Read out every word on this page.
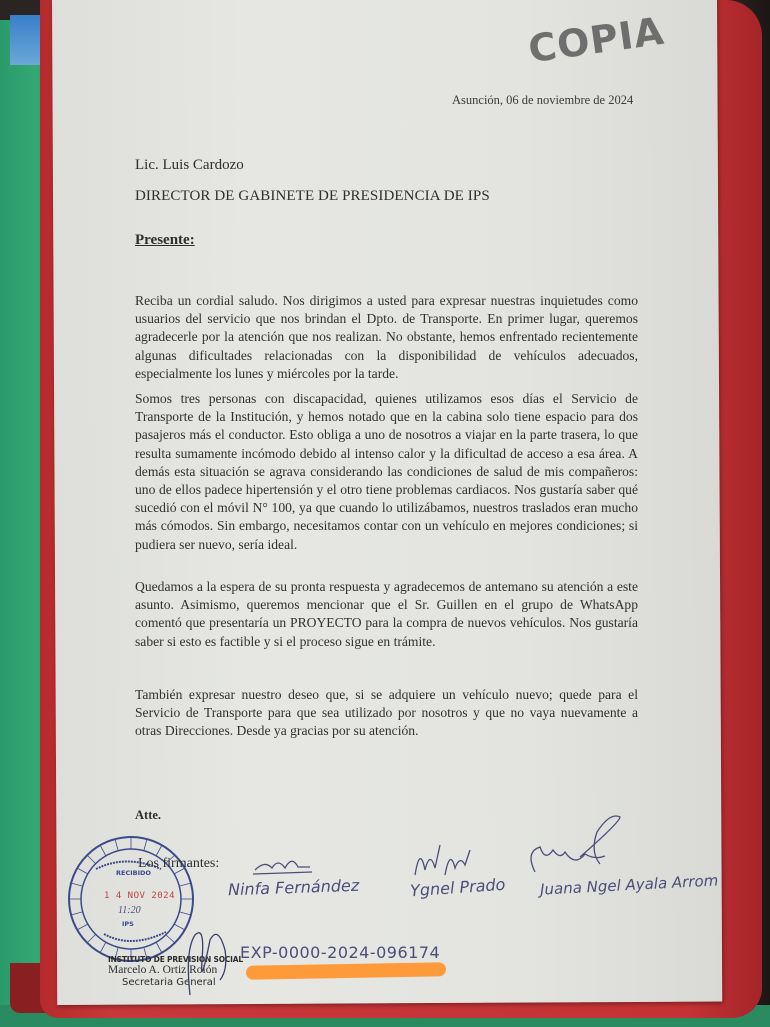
COPIA
Asunción, 06 de noviembre de 2024
Lic. Luis Cardozo
DIRECTOR DE GABINETE DE PRESIDENCIA DE IPS
Presente:
Reciba un cordial saludo. Nos dirigimos a usted para expresar nuestras inquietudes como usuarios del servicio que nos brindan el Dpto. de Transporte. En primer lugar, queremos agradecerle por la atención que nos realizan. No obstante, hemos enfrentado recientemente algunas dificultades relacionadas con la disponibilidad de vehículos adecuados, especialmente los lunes y miércoles por la tarde.
Somos tres personas con discapacidad, quienes utilizamos esos días el Servicio de Transporte de la Institución, y hemos notado que en la cabina solo tiene espacio para dos pasajeros más el conductor. Esto obliga a uno de nosotros a viajar en la parte trasera, lo que resulta sumamente incómodo debido al intenso calor y la dificultad de acceso a esa área. A demás esta situación se agrava considerando las condiciones de salud de mis compañeros: uno de ellos padece hipertensión y el otro tiene problemas cardiacos. Nos gustaría saber qué sucedió con el móvil N° 100, ya que cuando lo utilizábamos, nuestros traslados eran mucho más cómodos. Sin embargo, necesitamos contar con un vehículo en mejores condiciones; si pudiera ser nuevo, sería ideal.
Quedamos a la espera de su pronta respuesta y agradecemos de antemano su atención a este asunto. Asimismo, queremos mencionar que el Sr. Guillen en el grupo de WhatsApp comentó que presentaría un PROYECTO para la compra de nuevos vehículos. Nos gustaría saber si esto es factible y si el proceso sigue en trámite.
También expresar nuestro deseo que, si se adquiere un vehículo nuevo; quede para el Servicio de Transporte para que sea utilizado por nosotros y que no vaya nuevamente a otras Direcciones. Desde ya gracias por su atención.
Atte.
RECIBIDO
1 4 NOV 2024
11:20
IPS
Los firmantes:
Ninfa Fernández	Ygnel Prado Juana Ngel Ayala Arrom
EXP-0000-2024-096174
INSTITUTO DE PREVISION SOCIAL
Marcelo A. Ortiz Rolón
Secretaria General
